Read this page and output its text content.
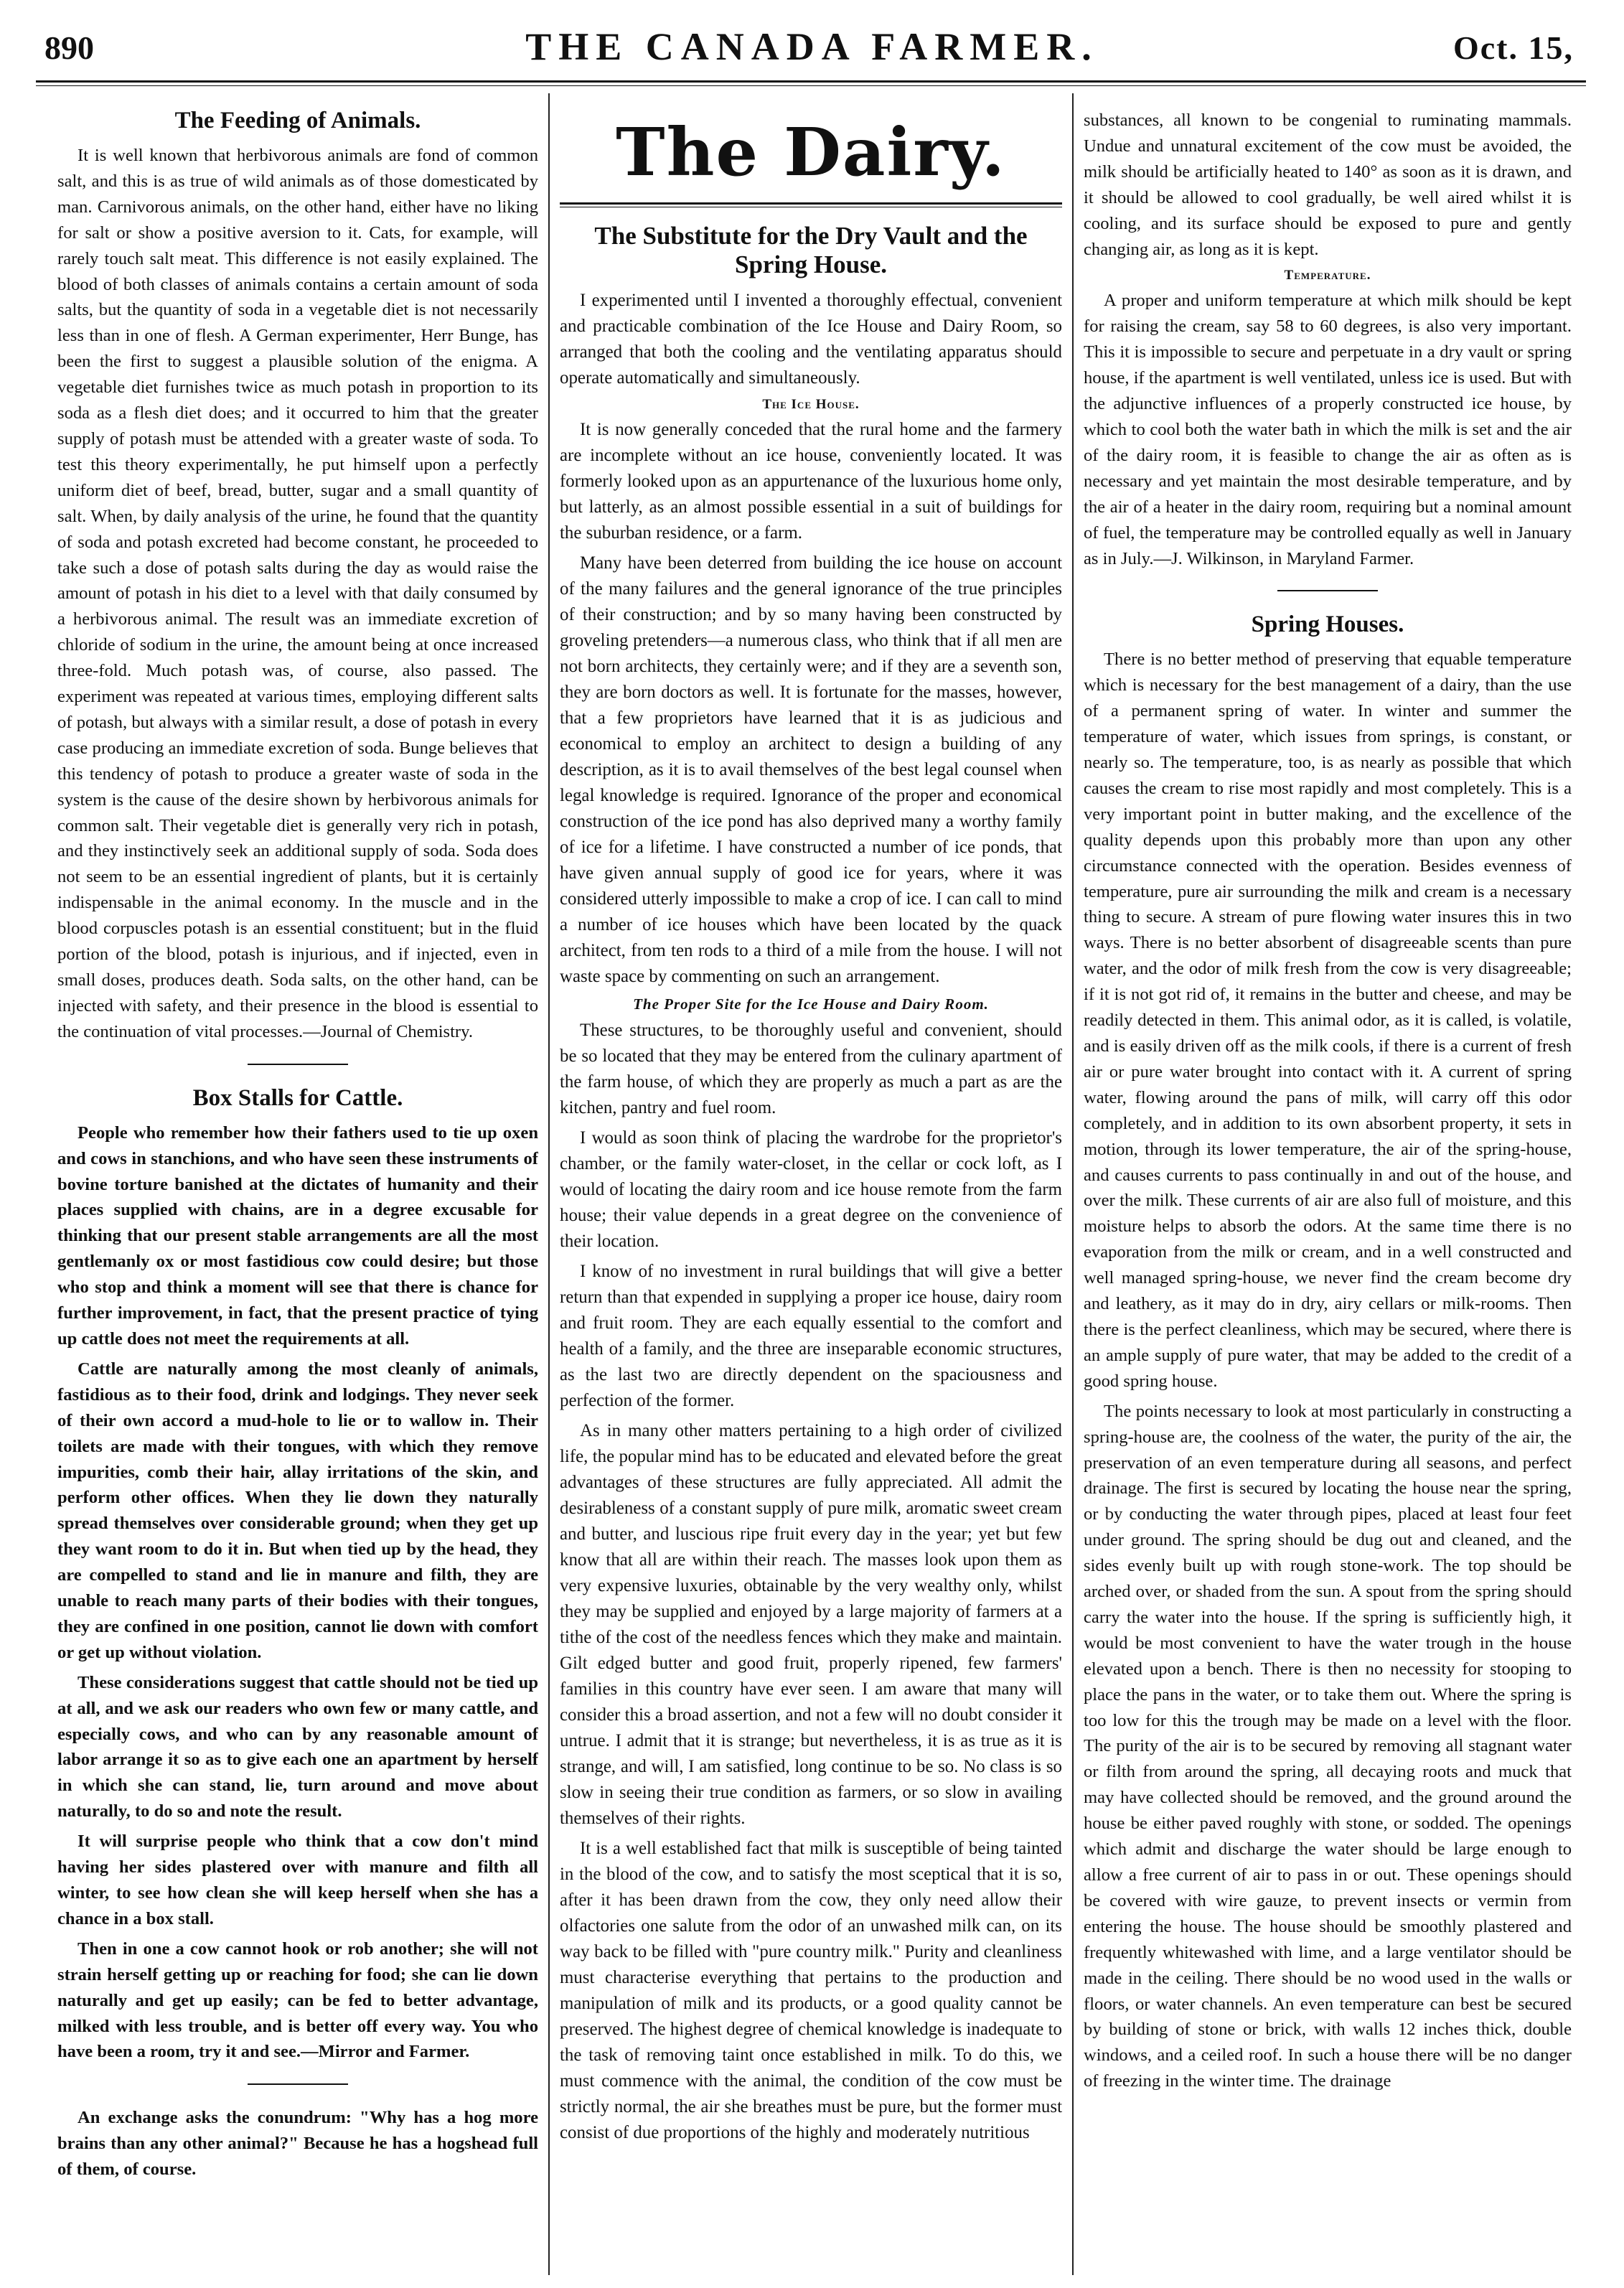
890	THE CANADA FARMER.	Oct. 15,
The Feeding of Animals.

It is well known that herbivorous animals are fond of common salt, and this is as true of wild animals as of those domesticated by man. Carnivorous animals, on the other hand, either have no liking for salt or show a positive aversion to it. Cats, for example, will rarely touch salt meat. This difference is not easily explained. The blood of both classes of animals contains a certain amount of soda salts, but the quantity of soda in a vegetable diet is not necessarily less than in one of flesh. A German experimenter, Herr Bunge, has been the first to suggest a plausible solution of the enigma. A vegetable diet furnishes twice as much potash in proportion to its soda as a flesh diet does; and it occurred to him that the greater supply of potash must be attended with a greater waste of soda. To test this theory experimentally, he put himself upon a perfectly uniform diet of beef, bread, butter, sugar and a small quantity of salt. When, by daily analysis of the urine, he found that the quantity of soda and potash excreted had become constant, he proceeded to take such a dose of potash salts during the day as would raise the amount of potash in his diet to a level with that daily consumed by a herbivorous animal. The result was an immediate excretion of chloride of sodium in the urine, the amount being at once increased three-fold. Much potash was, of course, also passed. The experiment was repeated at various times, employing different salts of potash, but always with a similar result, a dose of potash in every case producing an immediate excretion of soda. Bunge believes that this tendency of potash to produce a greater waste of soda in the system is the cause of the desire shown by herbivorous animals for common salt. Their vegetable diet is generally very rich in potash, and they instinctively seek an additional supply of soda. Soda does not seem to be an essential ingredient of plants, but it is certainly indispensable in the animal economy. In the muscle and in the blood corpuscles potash is an essential constituent; but in the fluid portion of the blood, potash is injurious, and if injected, even in small doses, produces death. Soda salts, on the other hand, can be injected with safety, and their presence in the blood is essential to the continuation of vital processes.—Journal of Chemistry.

Box Stalls for Cattle.

People who remember how their fathers used to tie up oxen and cows in stanchions, and who have seen these instruments of bovine torture banished at the dictates of humanity and their places supplied with chains, are in a degree excusable for thinking that our present stable arrangements are all the most gentlemanly ox or most fastidious cow could desire; but those who stop and think a moment will see that there is chance for further improvement, in fact, that the present practice of tying up cattle does not meet the requirements at all.

Cattle are naturally among the most cleanly of animals, fastidious as to their food, drink and lodgings. They never seek of their own accord a mud-hole to lie or to wallow in. Their toilets are made with their tongues, with which they remove impurities, comb their hair, allay irritations of the skin, and perform other offices. When they lie down they naturally spread themselves over considerable ground; when they get up they want room to do it in. But when tied up by the head, they are compelled to stand and lie in manure and filth, they are unable to reach many parts of their bodies with their tongues, they are confined in one position, cannot lie down with comfort or get up without violation.

These considerations suggest that cattle should not be tied up at all, and we ask our readers who own few or many cattle, and especially cows, and who can by any reasonable amount of labor arrange it so as to give each one an apartment by herself in which she can stand, lie, turn around and move about naturally, to do so and note the result.

It will surprise people who think that a cow don't mind having her sides plastered over with manure and filth all winter, to see how clean she will keep herself when she has a chance in a box stall.

Then in one a cow cannot hook or rob another; she will not strain herself getting up or reaching for food; she can lie down naturally and get up easily; can be fed to better advantage, milked with less trouble, and is better off every way. You who have been a room, try it and see.—Mirror and Farmer.

An exchange asks the conundrum: "Why has a hog more brains than any other animal?" Because he has a hogshead full of them, of course.

The Dairy.
The Substitute for the Dry Vault and the Spring House.

I experimented until I invented a thoroughly effectual, convenient and practicable combination of the Ice House and Dairy Room, so arranged that both the cooling and the ventilating apparatus should operate automatically and simultaneously.

The Ice House.

It is now generally conceded that the rural home and the farmery are incomplete without an ice house, conveniently located. It was formerly looked upon as an appurtenance of the luxurious home only, but latterly, as an almost possible essential in a suit of buildings for the suburban residence, or a farm.

Many have been deterred from building the ice house on account of the many failures and the general ignorance of the true principles of their construction; and by so many having been constructed by groveling pretenders—a numerous class, who think that if all men are not born architects, they certainly were; and if they are a seventh son, they are born doctors as well. It is fortunate for the masses, however, that a few proprietors have learned that it is as judicious and economical to employ an architect to design a building of any description, as it is to avail themselves of the best legal counsel when legal knowledge is required. Ignorance of the proper and economical construction of the ice pond has also deprived many a worthy family of ice for a lifetime. I have constructed a number of ice ponds, that have given annual supply of good ice for years, where it was considered utterly impossible to make a crop of ice. I can call to mind a number of ice houses which have been located by the quack architect, from ten rods to a third of a mile from the house. I will not waste space by commenting on such an arrangement.

The Proper Site for the Ice House and Dairy Room.

These structures, to be thoroughly useful and convenient, should be so located that they may be entered from the culinary apartment of the farm house, of which they are properly as much a part as are the kitchen, pantry and fuel room.

I would as soon think of placing the wardrobe for the proprietor's chamber, or the family water-closet, in the cellar or cock loft, as I would of locating the dairy room and ice house remote from the farm house; their value depends in a great degree on the convenience of their location.

I know of no investment in rural buildings that will give a better return than that expended in supplying a proper ice house, dairy room and fruit room. They are each equally essential to the comfort and health of a family, and the three are inseparable economic structures, as the last two are directly dependent on the spaciousness and perfection of the former.

As in many other matters pertaining to a high order of civilized life, the popular mind has to be educated and elevated before the great advantages of these structures are fully appreciated. All admit the desirableness of a constant supply of pure milk, aromatic sweet cream and butter, and luscious ripe fruit every day in the year; yet but few know that all are within their reach. The masses look upon them as very expensive luxuries, obtainable by the very wealthy only, whilst they may be supplied and enjoyed by a large majority of farmers at a tithe of the cost of the needless fences which they make and maintain. Gilt edged butter and good fruit, properly ripened, few farmers' families in this country have ever seen. I am aware that many will consider this a broad assertion, and not a few will no doubt consider it untrue. I admit that it is strange; but nevertheless, it is as true as it is strange, and will, I am satisfied, long continue to be so. No class is so slow in seeing their true condition as farmers, or so slow in availing themselves of their rights.

It is a well established fact that milk is susceptible of being tainted in the blood of the cow, and to satisfy the most sceptical that it is so, after it has been drawn from the cow, they only need allow their olfactories one salute from the odor of an unwashed milk can, on its way back to be filled with "pure country milk." Purity and cleanliness must characterise everything that pertains to the production and manipulation of milk and its products, or a good quality cannot be preserved. The highest degree of chemical knowledge is inadequate to the task of removing taint once established in milk. To do this, we must commence with the animal, the condition of the cow must be strictly normal, the air she breathes must be pure, but the former must consist of due proportions of the highly and moderately nutritious

substances, all known to be congenial to ruminating mammals. Undue and unnatural excitement of the cow must be avoided, the milk should be artificially heated to 140° as soon as it is drawn, and it should be allowed to cool gradually, be well aired whilst it is cooling, and its surface should be exposed to pure and gently changing air, as long as it is kept.

Temperature.

A proper and uniform temperature at which milk should be kept for raising the cream, say 58 to 60 degrees, is also very important. This it is impossible to secure and perpetuate in a dry vault or spring house, if the apartment is well ventilated, unless ice is used. But with the adjunctive influences of a properly constructed ice house, by which to cool both the water bath in which the milk is set and the air of the dairy room, it is feasible to change the air as often as is necessary and yet maintain the most desirable temperature, and by the air of a heater in the dairy room, requiring but a nominal amount of fuel, the temperature may be controlled equally as well in January as in July.—J. Wilkinson, in Maryland Farmer.

Spring Houses.

There is no better method of preserving that equable temperature which is necessary for the best management of a dairy, than the use of a permanent spring of water. In winter and summer the temperature of water, which issues from springs, is constant, or nearly so. The temperature, too, is as nearly as possible that which causes the cream to rise most rapidly and most completely. This is a very important point in butter making, and the excellence of the quality depends upon this probably more than upon any other circumstance connected with the operation. Besides evenness of temperature, pure air surrounding the milk and cream is a necessary thing to secure. A stream of pure flowing water insures this in two ways. There is no better absorbent of disagreeable scents than pure water, and the odor of milk fresh from the cow is very disagreeable; if it is not got rid of, it remains in the butter and cheese, and may be readily detected in them. This animal odor, as it is called, is volatile, and is easily driven off as the milk cools, if there is a current of fresh air or pure water brought into contact with it. A current of spring water, flowing around the pans of milk, will carry off this odor completely, and in addition to its own absorbent property, it sets in motion, through its lower temperature, the air of the spring-house, and causes currents to pass continually in and out of the house, and over the milk. These currents of air are also full of moisture, and this moisture helps to absorb the odors. At the same time there is no evaporation from the milk or cream, and in a well constructed and well managed spring-house, we never find the cream become dry and leathery, as it may do in dry, airy cellars or milk-rooms. Then there is the perfect cleanliness, which may be secured, where there is an ample supply of pure water, that may be added to the credit of a good spring house.

The points necessary to look at most particularly in constructing a spring-house are, the coolness of the water, the purity of the air, the preservation of an even temperature during all seasons, and perfect drainage. The first is secured by locating the house near the spring, or by conducting the water through pipes, placed at least four feet under ground. The spring should be dug out and cleaned, and the sides evenly built up with rough stone-work. The top should be arched over, or shaded from the sun. A spout from the spring should carry the water into the house. If the spring is sufficiently high, it would be most convenient to have the water trough in the house elevated upon a bench. There is then no necessity for stooping to place the pans in the water, or to take them out. Where the spring is too low for this the trough may be made on a level with the floor. The purity of the air is to be secured by removing all stagnant water or filth from around the spring, all decaying roots and muck that may have collected should be removed, and the ground around the house be either paved roughly with stone, or sodded. The openings which admit and discharge the water should be large enough to allow a free current of air to pass in or out. These openings should be covered with wire gauze, to prevent insects or vermin from entering the house. The house should be smoothly plastered and frequently whitewashed with lime, and a large ventilator should be made in the ceiling. There should be no wood used in the walls or floors, or water channels. An even temperature can best be secured by building of stone or brick, with walls 12 inches thick, double windows, and a ceiled roof. In such a house there will be no danger of freezing in the winter time. The drainage
